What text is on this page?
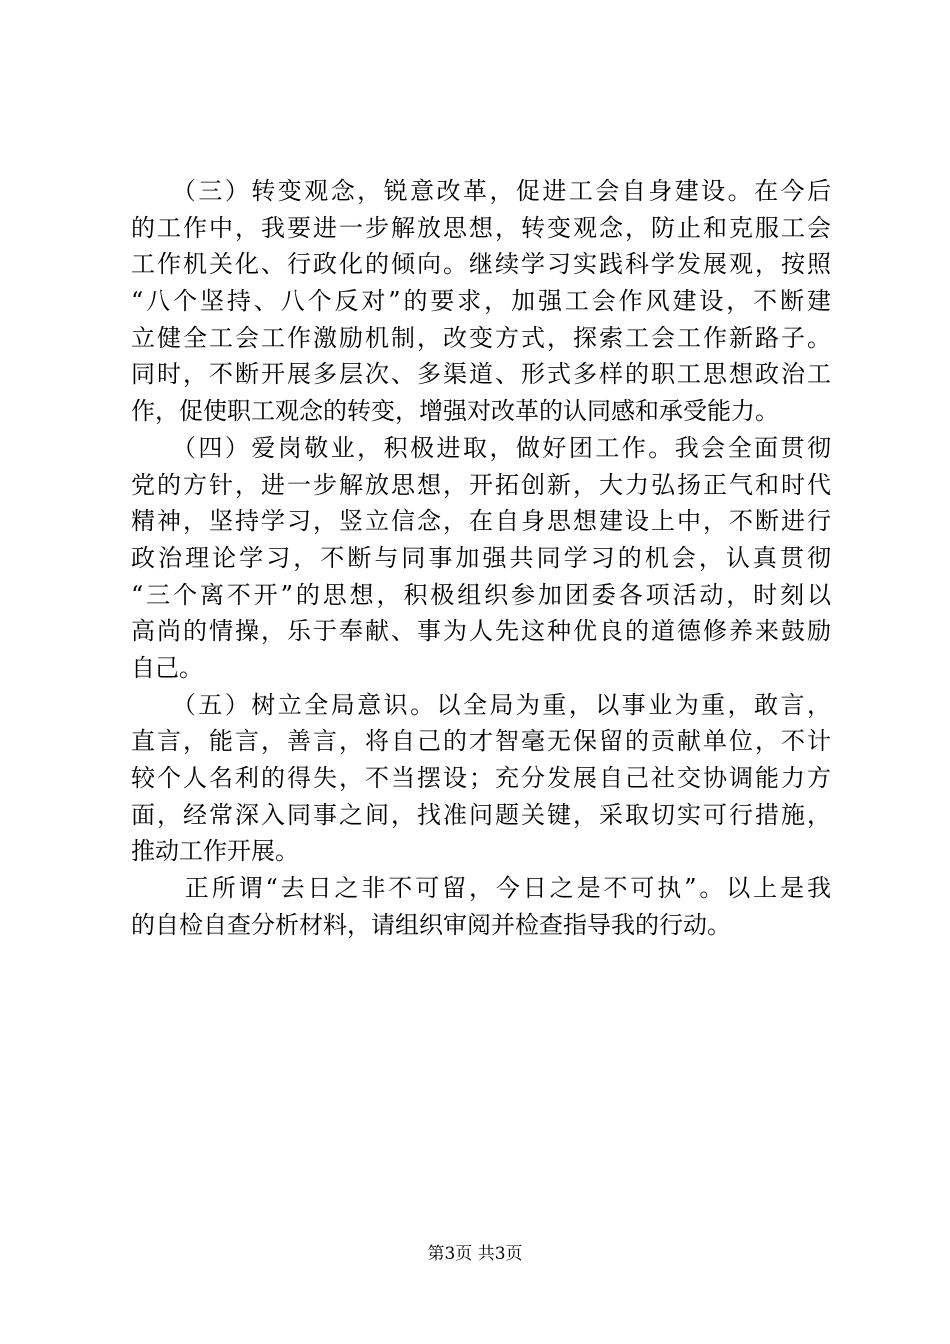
　　（三）转变观念，锐意改革，促进工会自身建设。在今后
的工作中，我要进一步解放思想，转变观念，防止和克服工会
工作机关化、行政化的倾向。继续学习实践科学发展观，按照
“八个坚持、八个反对”的要求，加强工会作风建设，不断建
立健全工会工作激励机制，改变方式，探索工会工作新路子。
同时，不断开展多层次、多渠道、形式多样的职工思想政治工
作，促使职工观念的转变，增强对改革的认同感和承受能力。
　　（四）爱岗敬业，积极进取，做好团工作。我会全面贯彻
党的方针，进一步解放思想，开拓创新，大力弘扬正气和时代
精神，坚持学习，竖立信念，在自身思想建设上中，不断进行
政治理论学习，不断与同事加强共同学习的机会，认真贯彻
“三个离不开”的思想，积极组织参加团委各项活动，时刻以
高尚的情操，乐于奉献、事为人先这种优良的道德修养来鼓励
自己。
　　（五）树立全局意识。以全局为重，以事业为重，敢言，
直言，能言，善言，将自己的才智毫无保留的贡献单位，不计
较个人名利的得失，不当摆设；充分发展自己社交协调能力方
面，经常深入同事之间，找准问题关键，采取切实可行措施，
推动工作开展。
　　正所谓“去日之非不可留，今日之是不可执”。以上是我
的自检自查分析材料，请组织审阅并检查指导我的行动。
第3页 共3页
